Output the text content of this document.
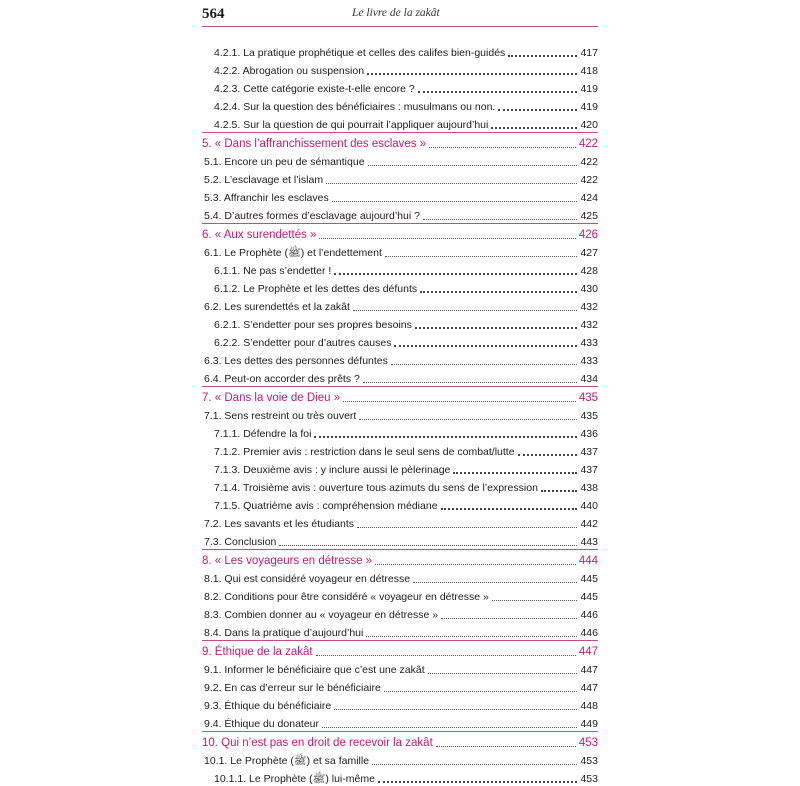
564	Le livre de la zakât
4.2.1. La pratique prophétique et celles des califes bien-guidés	417
4.2.2. Abrogation ou suspension	418
4.2.3. Cette catégorie existe-t-elle encore ?	419
4.2.4. Sur la question des bénéficiaires : musulmans ou non.	419
4.2.5. Sur la question de qui pourrait l’appliquer aujourd’hui	420
5. « Dans l’affranchissement des esclaves »	422
5.1. Encore un peu de sémantique	422
5.2. L’esclavage et l’islam	422
5.3. Affranchir les esclaves	424
5.4. D’autres formes d’esclavage aujourd’hui ?	425
6. « Aux surendettés »	426
6.1. Le Prophète (ﷺ) et l’endettement	427
6.1.1. Ne pas s’endetter !	428
6.1.2. Le Prophète et les dettes des défunts	430
6.2. Les surendettés et la zakât	432
6.2.1. S’endetter pour ses propres besoins	432
6.2.2. S’endetter pour d’autres causes	433
6.3. Les dettes des personnes défuntes	433
6.4. Peut-on accorder des prêts ?	434
7. « Dans la voie de Dieu »	435
7.1. Sens restreint ou très ouvert	435
7.1.1. Défendre la foi	436
7.1.2. Premier avis : restriction dans le seul sens de combat/lutte	437
7.1.3. Deuxième avis : y inclure aussi le pèlerinage	437
7.1.4. Troisième avis : ouverture tous azimuts du sens de l’expression	438
7.1.5. Quatrième avis : compréhension médiane	440
7.2. Les savants et les étudiants	442
7.3. Conclusion	443
8. « Les voyageurs en détresse »	444
8.1. Qui est considéré voyageur en détresse	445
8.2. Conditions pour être considéré « voyageur en détresse »	445
8.3. Combien donner au « voyageur en détresse »	446
8.4. Dans la pratique d’aujourd’hui	446
9. Éthique de la zakât	447
9.1. Informer le bénéficiaire que c’est une zakât	447
9.2. En cas d’erreur sur le bénéficiaire	447
9.3. Éthique du bénéficiaire	448
9.4. Éthique du donateur	449
10. Qui n’est pas en droit de recevoir la zakât	453
10.1. Le Prophète (ﷺ) et sa famille	453
10.1.1. Le Prophète (ﷺ) lui-même	453
